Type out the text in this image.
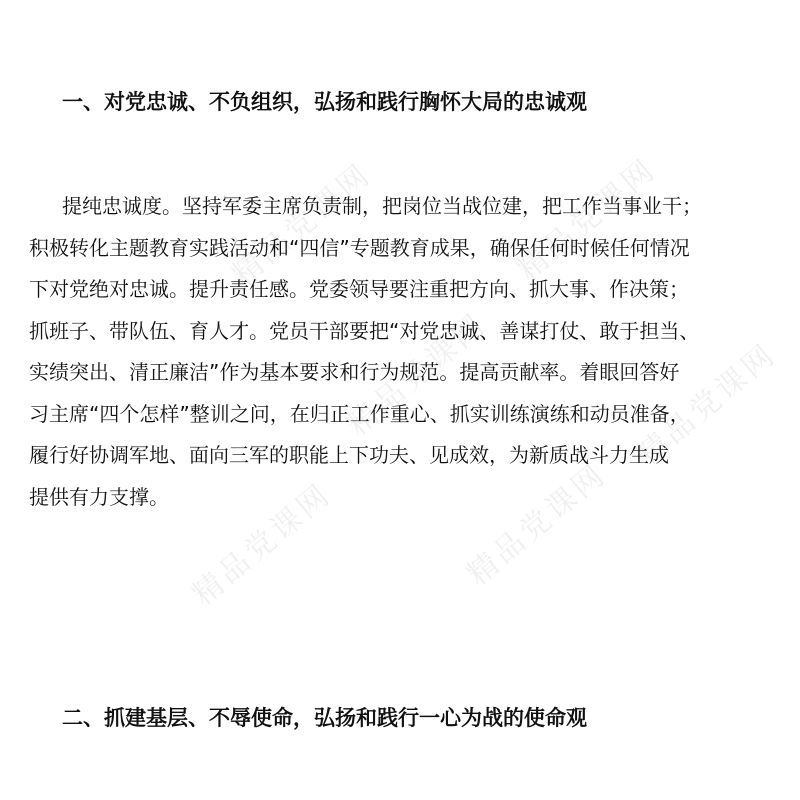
精品党课网	精品党课网
精品党课网	精品党课网
精品党课网
精品党课网
一、对党忠诚、不负组织，弘扬和践行胸怀大局的忠诚观
提纯忠诚度。坚持军委主席负责制，把岗位当战位建，把工作当事业干；
积极转化主题教育实践活动和“四信”专题教育成果，确保任何时候任何情况
下对党绝对忠诚。提升责任感。党委领导要注重把方向、抓大事、作决策；
抓班子、带队伍、育人才。党员干部要把“对党忠诚、善谋打仗、敢于担当、
实绩突出、清正廉洁”作为基本要求和行为规范。提高贡献率。着眼回答好
习主席“四个怎样”整训之问，在归正工作重心、抓实训练演练和动员准备，
履行好协调军地、面向三军的职能上下功夫、见成效，为新质战斗力生成
提供有力支撑。
二、抓建基层、不辱使命，弘扬和践行一心为战的使命观
